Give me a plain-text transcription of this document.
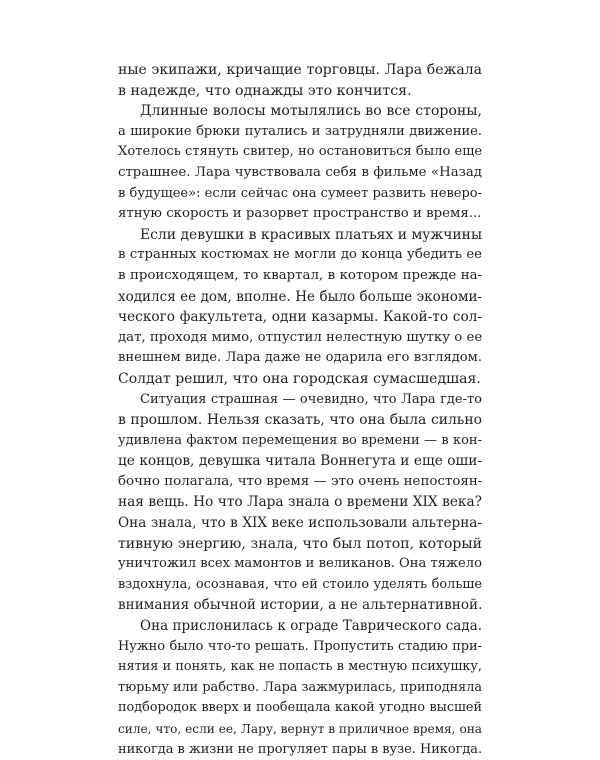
ные экипажи, кричащие торговцы. Лара бежала
в надежде, что однажды это кончится.

Длинные волосы мотылялись во все стороны,
а широкие брюки путались и затрудняли движение.
Хотелось стянуть свитер, но остановиться было еще
страшнее. Лара чувствовала себя в фильме «Назад
в будущее»: если сейчас она сумеет развить неверо-
ятную скорость и разорвет пространство и время...

Если девушки в красивых платьях и мужчины
в странных костюмах не могли до конца убедить ее
в происходящем, то квартал, в котором прежде на-
ходился ее дом, вполне. Не было больше экономи-
ческого факультета, одни казармы. Какой-то сол-
дат, проходя мимо, отпустил нелестную шутку о ее
внешнем виде. Лара даже не одарила его взглядом.
Солдат решил, что она городская сумасшедшая.

Ситуация страшная — очевидно, что Лара где-то
в прошлом. Нельзя сказать, что она была сильно
удивлена фактом перемещения во времени — в кон-
це концов, девушка читала Воннегута и еще оши-
бочно полагала, что время — это очень непостоян-
ная вещь. Но что Лара знала о времени XIX века?
Она знала, что в XIX веке использовали альтерна-
тивную энергию, знала, что был потоп, который
уничтожил всех мамонтов и великанов. Она тяжело
вздохнула, осознавая, что ей стоило уделять больше
внимания обычной истории, а не альтернативной.

Она прислонилась к ограде Таврического сада.
Нужно было что-то решать. Пропустить стадию при-
нятия и понять, как не попасть в местную психушку,
тюрьму или рабство. Лара зажмурилась, приподняла
подбородок вверх и пообещала какой угодно высшей
силе, что, если ее, Лару, вернут в приличное время, она
никогда в жизни не прогуляет пары в вузе. Никогда.
